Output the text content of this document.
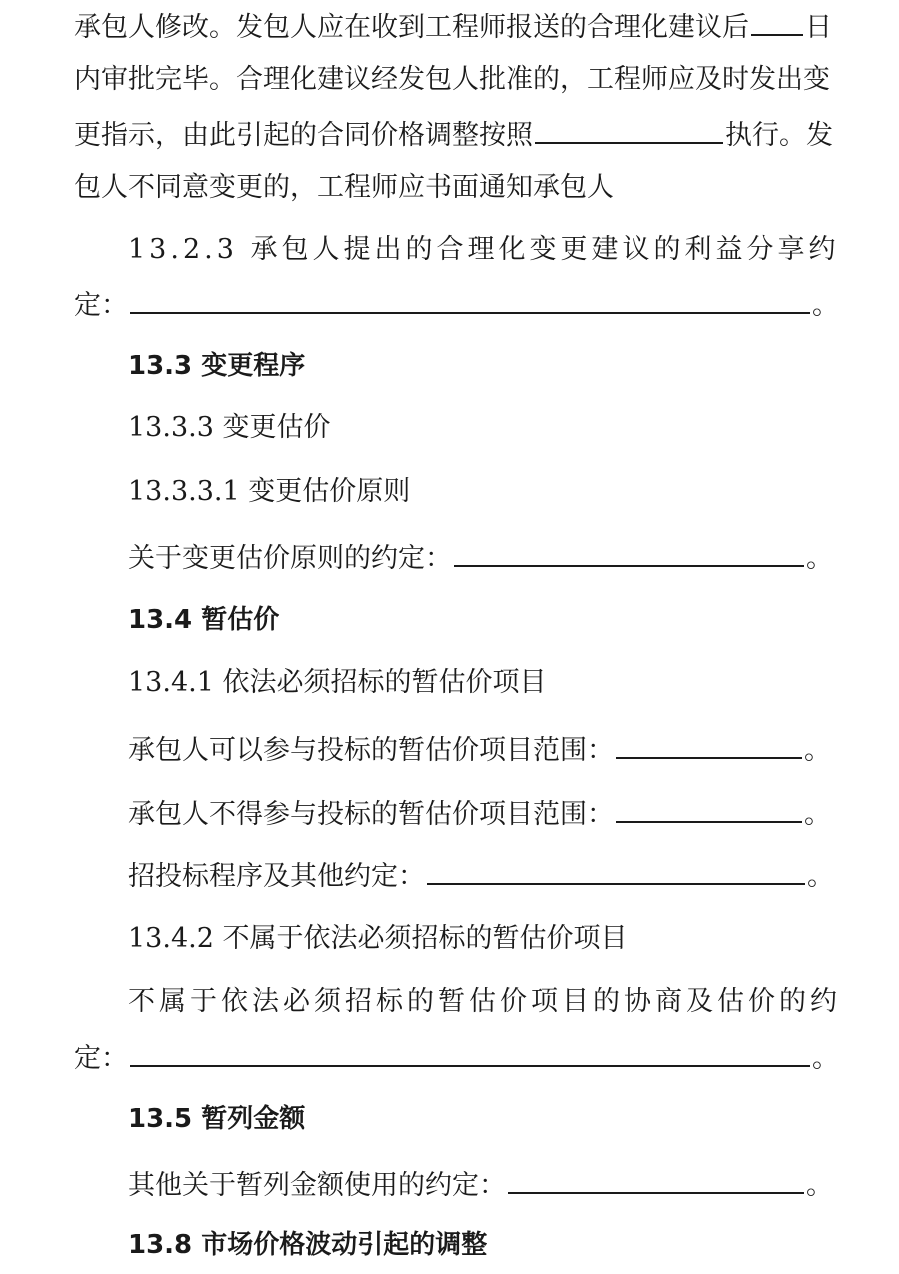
承包人修改。发包人应在收到工程师报送的合理化建议后 日
内审批完毕。合理化建议经发包人批准的，工程师应及时发出变
更指示，由此引起的合同价格调整按照	执行。发
包人不同意变更的，工程师应书面通知承包人
13.2.3 承包人提出的合理化变更建议的利益分享约
定：	。
13.3 变更程序
13.3.3 变更估价
13.3.3.1 变更估价原则
关于变更估价原则的约定：	。
13.4 暂估价
13.4.1 依法必须招标的暂估价项目
承包人可以参与投标的暂估价项目范围：	。
承包人不得参与投标的暂估价项目范围：	。
招投标程序及其他约定：	。
13.4.2 不属于依法必须招标的暂估价项目
不属于依法必须招标的暂估价项目的协商及估价的约
定：	。
13.5 暂列金额
其他关于暂列金额使用的约定：	。
13.8 市场价格波动引起的调整
